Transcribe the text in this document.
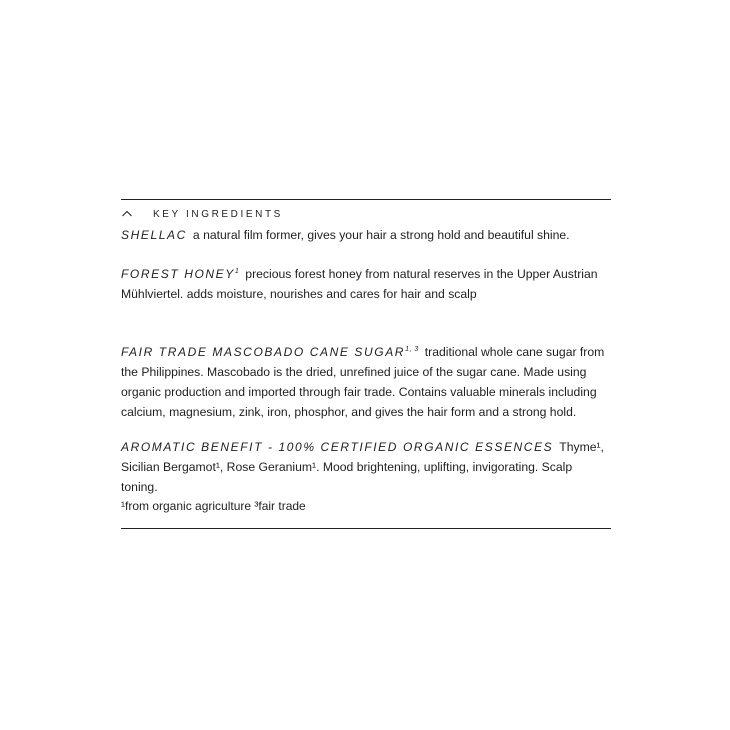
KEY INGREDIENTS
SHELLAC a natural film former, gives your hair a strong hold and beautiful shine.
FOREST HONEY$^1$ precious forest honey from natural reserves in the Upper Austrian Mühlviertel. adds moisture, nourishes and cares for hair and scalp
FAIR TRADE MASCOBADO CANE SUGAR$^{1, 3}$ traditional whole cane sugar from the Philippines. Mascobado is the dried, unrefined juice of the sugar cane. Made using organic production and imported through fair trade. Contains valuable minerals including calcium, magnesium, zink, iron, phosphor, and gives the hair form and a strong hold.
AROMATIC BENEFIT - 100% CERTIFIED ORGANIC ESSENCES Thyme¹, Sicilian Bergamot¹, Rose Geranium¹. Mood brightening, uplifting, invigorating. Scalp toning.
¹from organic agriculture ³fair trade
